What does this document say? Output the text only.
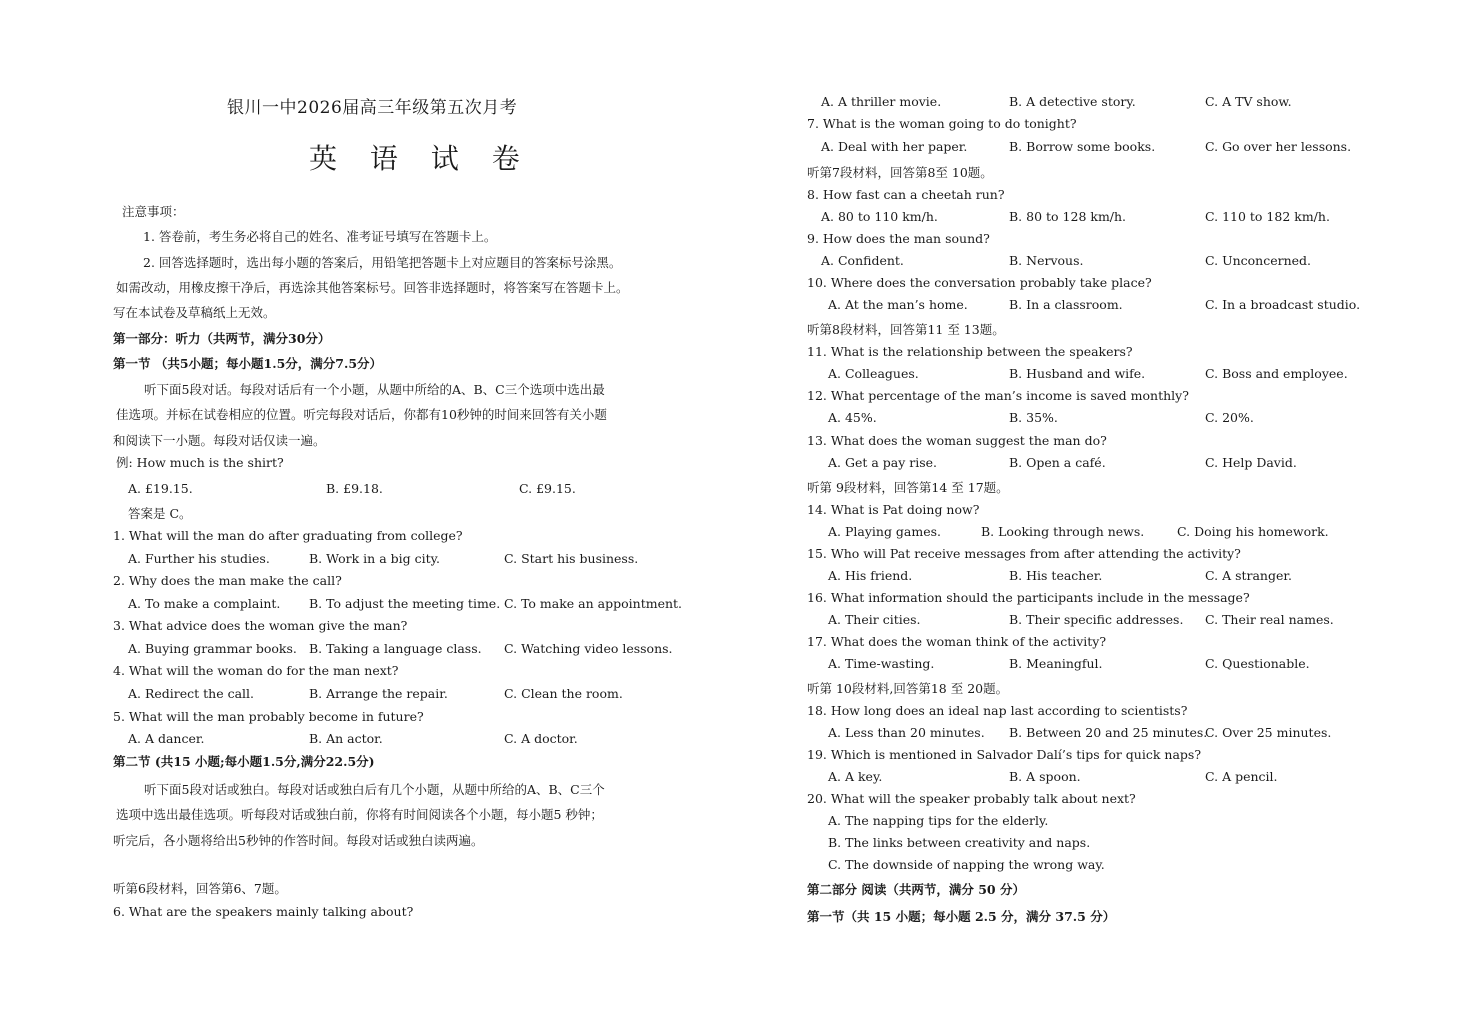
银川一中2026届高三年级第五次月考
英 语 试 卷
注意事项：
1. 答卷前，考生务必将自己的姓名、准考证号填写在答题卡上。
2. 回答选择题时，选出每小题的答案后，用铅笔把答题卡上对应题目的答案标号涂黑。
如需改动，用橡皮擦干净后，再选涂其他答案标号。回答非选择题时，将答案写在答题卡上。
写在本试卷及草稿纸上无效。
第一部分：听力（共两节，满分30分）
第一节 （共5小题；每小题1.5分，满分7.5分）
听下面5段对话。每段对话后有一个小题，从题中所给的A、B、C三个选项中选出最
佳选项。并标在试卷相应的位置。听完每段对话后，你都有10秒钟的时间来回答有关小题
和阅读下一小题。每段对话仅读一遍。
例: How much is the shirt?
A. £19.15.	B. £9.18.	C. £9.15.
答案是 C。
1. What will the man do after graduating from college?
A. Further his studies.	B. Work in a big city.	C. Start his business.
2. Why does the man make the call?
A. To make a complaint. B. To adjust the meeting time. C. To make an appointment.
3. What advice does the woman give the man?
A. Buying grammar books. B. Taking a language class. C. Watching video lessons.
4. What will the woman do for the man next?
A. Redirect the call.	B. Arrange the repair.	C. Clean the room.
5. What will the man probably become in future?
A. A dancer.	B. An actor.	C. A doctor.
第二节 (共15 小题;每小题1.5分,满分22.5分)
听下面5段对话或独白。每段对话或独白后有几个小题，从题中所给的A、B、C三个
选项中选出最佳选项。听每段对话或独白前，你将有时间阅读各个小题，每小题5 秒钟；
听完后，各小题将给出5秒钟的作答时间。每段对话或独白读两遍。
听第6段材料，回答第6、7题。
6. What are the speakers mainly talking about?
A. A thriller movie.	B. A detective story.	C. A TV show.
7. What is the woman going to do tonight?
A. Deal with her paper.	B. Borrow some books.	C. Go over her lessons.
听第7段材料，回答第8至 10题。
8. How fast can a cheetah run?
A. 80 to 110 km/h.	B. 80 to 128 km/h.	C. 110 to 182 km/h.
9. How does the man sound?
A. Confident.	B. Nervous.	C. Unconcerned.
10. Where does the conversation probably take place?
A. At the man’s home.	B. In a classroom.	C. In a broadcast studio.
听第8段材料，回答第11 至 13题。
11. What is the relationship between the speakers?
A. Colleagues.	B. Husband and wife.	C. Boss and employee.
12. What percentage of the man’s income is saved monthly?
A. 45%.	B. 35%.	C. 20%.
13. What does the woman suggest the man do?
A. Get a pay rise.	B. Open a café.	C. Help David.
听第 9段材料，回答第14 至 17题。
14. What is Pat doing now?
A. Playing games.	B. Looking through news.	C. Doing his homework.
15. Who will Pat receive messages from after attending the activity?
A. His friend.	B. His teacher.	C. A stranger.
16. What information should the participants include in the message?
A. Their cities.	B. Their specific addresses. C. Their real names.
17. What does the woman think of the activity?
A. Time-wasting.	B. Meaningful.	C. Questionable.
听第 10段材料,回答第18 至 20题。
18. How long does an ideal nap last according to scientists?
A. Less than 20 minutes. B. Between 20 and 25 minutes.
C. Over 25 minutes.
19. Which is mentioned in Salvador Dalí’s tips for quick naps?
A. A key.	B. A spoon.	C. A pencil.
20. What will the speaker probably talk about next?
A. The napping tips for the elderly.
B. The links between creativity and naps.
C. The downside of napping the wrong way.
第二部分 阅读（共两节，满分 50 分）
第一节（共 15 小题；每小题 2.5 分，满分 37.5 分）
